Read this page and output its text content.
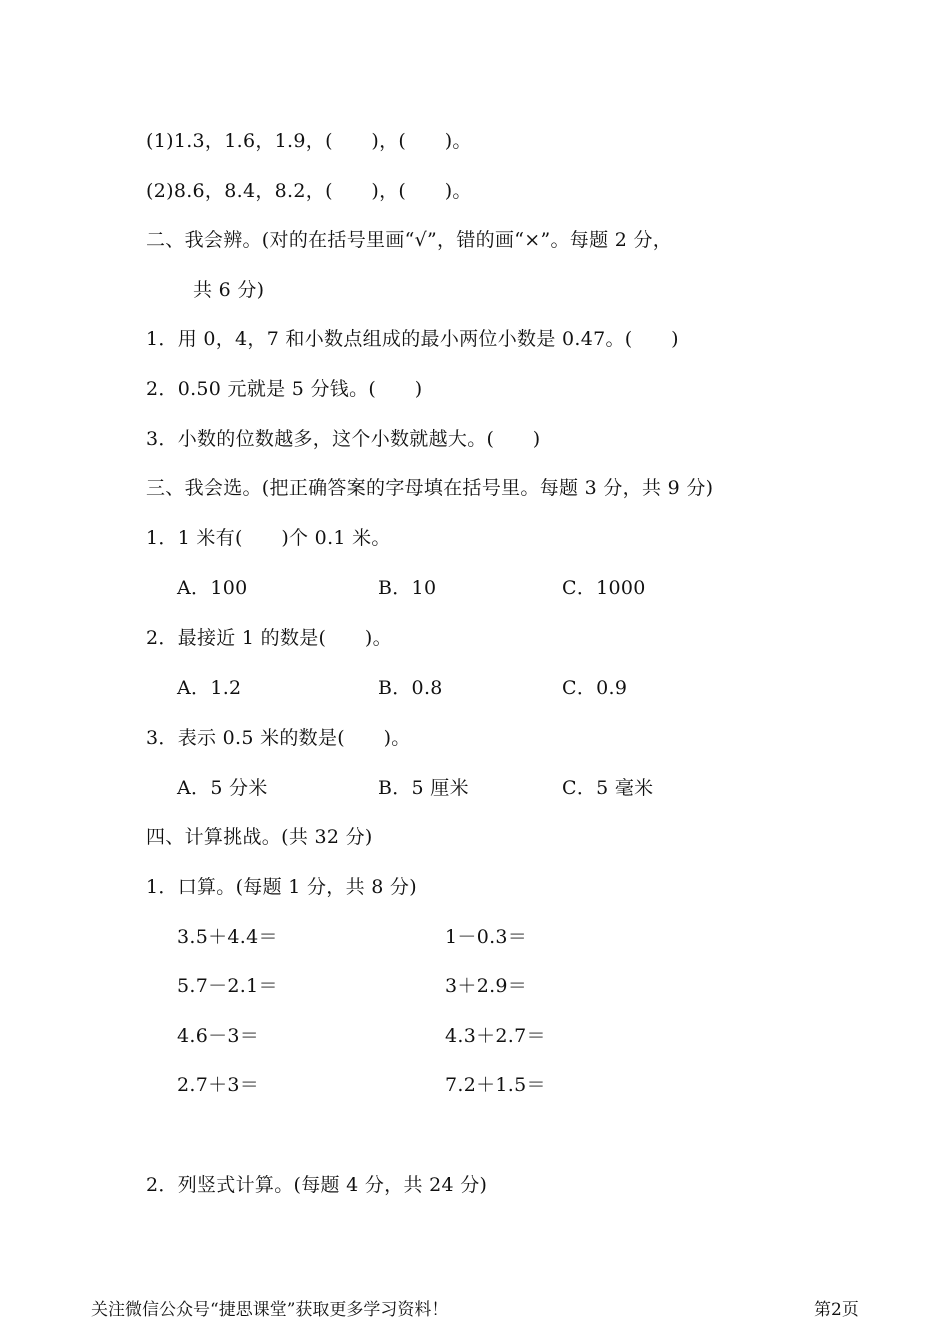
(1)1.3，1.6，1.9，(　　)，(　　)。
(2)8.6，8.4，8.2，(　　)，(　　)。
二、我会辨。(对的在括号里画“√”，错的画“×”。每题 2 分，
共 6 分)
1．用 0，4，7 和小数点组成的最小两位小数是 0.47。(　　)
2．0.50 元就是 5 分钱。(　　)
3．小数的位数越多，这个小数就越大。(　　)
三、我会选。(把正确答案的字母填在括号里。每题 3 分，共 9 分)
1．1 米有(　　)个 0.1 米。
A．100	B．10	C．1000
2．最接近 1 的数是(　　)。
A．1.2	B．0.8	C．0.9
3．表示 0.5 米的数是(　　)。
A．5 分米	B．5 厘米	C．5 毫米
四、计算挑战。(共 32 分)
1．口算。(每题 1 分，共 8 分)
3.5＋4.4＝	1－0.3＝
5.7－2.1＝	3＋2.9＝
4.6－3＝	4.3＋2.7＝
2.7＋3＝	7.2＋1.5＝
2．列竖式计算。(每题 4 分，共 24 分)
关注微信公众号“捷思课堂”获取更多学习资料！	第2页
